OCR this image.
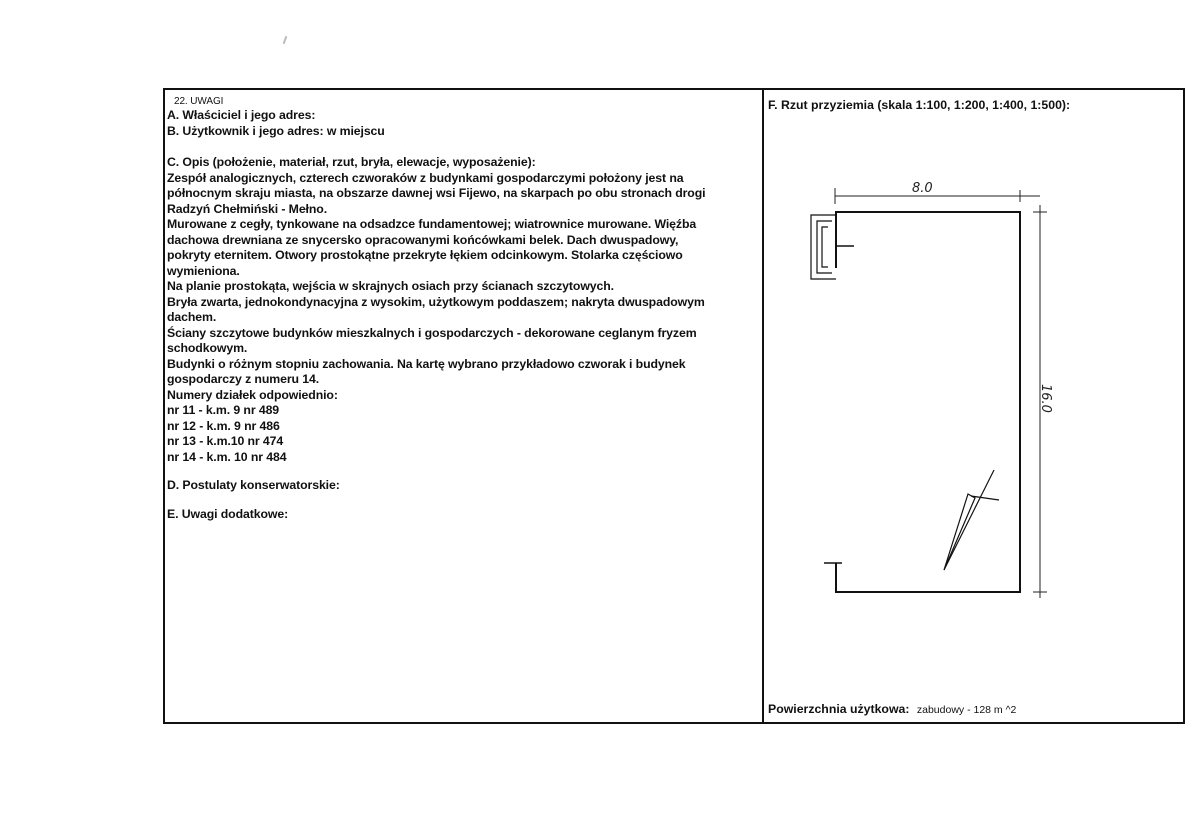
22. UWAGI
A. Właściciel i jego adres:
B. Użytkownik i jego adres: w miejscu
C. Opis (położenie, materiał, rzut, bryła, elewacje, wyposażenie):
Zespół analogicznych, czterech czworaków z budynkami gospodarczymi położony jest na
północnym skraju miasta, na obszarze dawnej wsi Fijewo, na skarpach po obu stronach drogi
Radzyń Chełmiński - Mełno.
Murowane z cegły, tynkowane na odsadzce fundamentowej; wiatrownice murowane. Więźba
dachowa drewniana ze snycersko opracowanymi końcówkami belek. Dach dwuspadowy,
pokryty eternitem. Otwory prostokątne przekryte łękiem odcinkowym. Stolarka częściowo
wymieniona.
Na planie prostokąta, wejścia w skrajnych osiach przy ścianach szczytowych.
Bryła zwarta, jednokondynacyjna z wysokim, użytkowym poddaszem; nakryta dwuspadowym
dachem.
Ściany szczytowe budynków mieszkalnych i gospodarczych - dekorowane ceglanym fryzem
schodkowym.
Budynki o różnym stopniu zachowania. Na kartę wybrano przykładowo czworak i budynek
gospodarczy z numeru 14.
Numery działek odpowiednio:
nr 11 - k.m. 9 nr 489
nr 12 - k.m. 9 nr 486
nr 13 - k.m.10 nr 474
nr 14 - k.m. 10 nr 484
D. Postulaty konserwatorskie:
E. Uwagi dodatkowe:
F. Rzut przyziemia (skala 1:100, 1:200, 1:400, 1:500):
Powierzchnia użytkowa: zabudowy - 128 m ^2
8.0
16.0
